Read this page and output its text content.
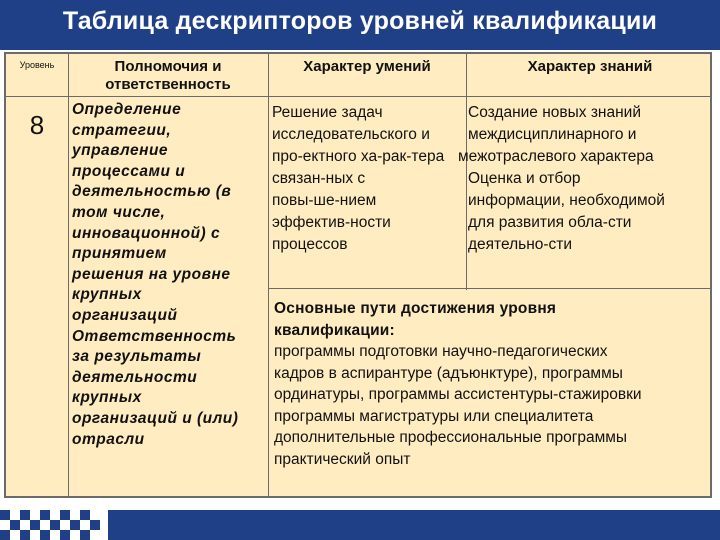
Таблица дескрипторов уровней квалификации
Уровень	Полномочия и
ответственность
Характер умений	Характер знаний
8
Определение
стратегии,
управление
процессами и
деятельностью (в
том числе,
инновационной) с
принятием
решения на уровне
крупных
организаций
Ответственность
за результаты
деятельности
крупных
организаций и (или)
отрасли
Решение задач
исследовательского и
про-ектного ха-рак-тера
связан-ных с
повы-ше-нием
эффектив-ности
процессов
Создание новых знаний
междисциплинарного и
межотраслевого характера
Оценка и отбор
информации, необходимой
для развития обла-сти
деятельно-сти
Основные пути достижения уровня
квалификации:
программы подготовки научно-педагогических
кадров в аспирантуре (адъюнктуре), программы
ординатуры, программы ассистентуры-стажировки
программы магистратуры или специалитета
дополнительные профессиональные программы
практический опыт
